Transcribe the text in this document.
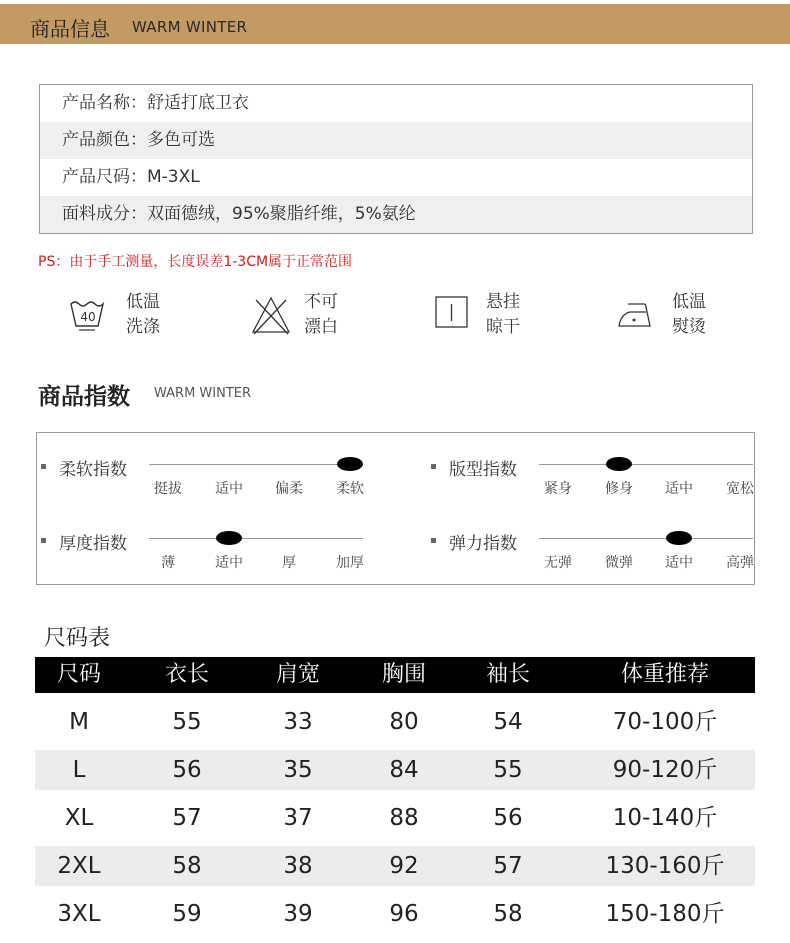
商品信息 WARM WINTER
产品名称：舒适打底卫衣
产品颜色：多色可选
产品尺码：M-3XL
面料成分：双面德绒，95%聚脂纤维，5%氨纶
PS：由于手工测量，长度误差1-3CM属于正常范围
40
低温
洗涤
不可
漂白
悬挂
晾干
低温
熨烫
商品指数 WARM WINTER
柔软指数
挺拔 适中 偏柔 柔软
版型指数
紧身 修身 适中 宽松
厚度指数
薄	适中	厚	加厚
弹力指数
无弹 微弹 适中 高弹
尺码表
尺码	衣长	肩宽	胸围	袖长	体重推荐
M	55	33	80	54	70-100斤
L	56	35	84	55	90-120斤
XL	57	37	88	56	10-140斤
2XL	58	38	92	57	130-160斤
3XL	59	39	96	58	150-180斤
